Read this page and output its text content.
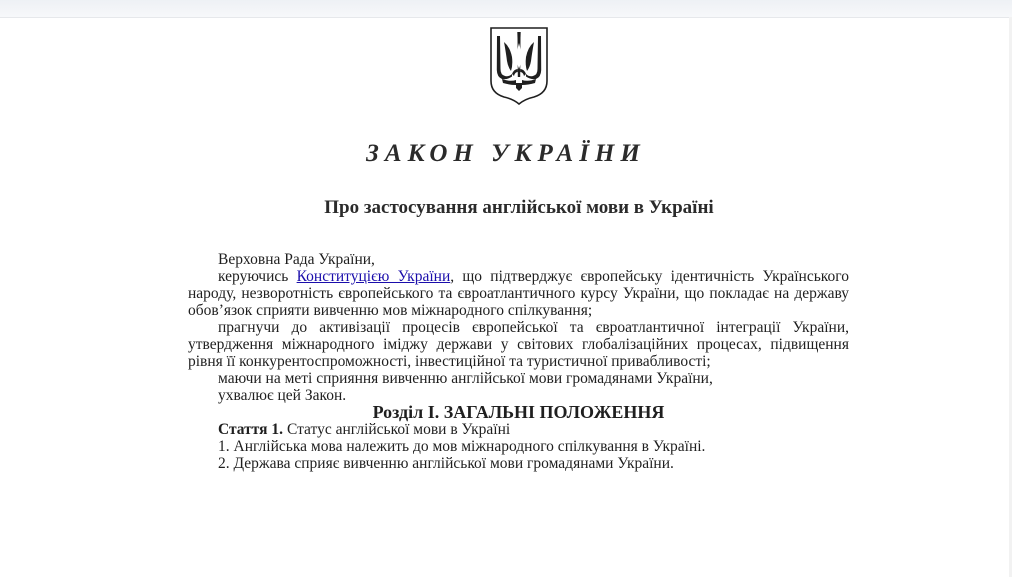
ЗАКОН УКРАЇНИ
Про застосування англійської мови в Україні

Верховна Рада України,

керуючись Конституцією України, що підтверджує європейську ідентичність Українського народу, незворотність європейського та євроатлантичного курсу України, що покладає на державу обов’язок сприяти вивченню мов міжнародного спілкування;

прагнучи до активізації процесів європейської та євроатлантичної інтеграції України, утвердження міжнародного іміджу держави у світових глобалізаційних процесах, підвищення рівня її конкурентоспроможності, інвестиційної та туристичної привабливості;

маючи на меті сприяння вивченню англійської мови громадянами України,

ухвалює цей Закон.

Розділ I. ЗАГАЛЬНІ ПОЛОЖЕННЯ

Стаття 1. Статус англійської мови в Україні

1. Англійська мова належить до мов міжнародного спілкування в Україні.

2. Держава сприяє вивченню англійської мови громадянами України.
